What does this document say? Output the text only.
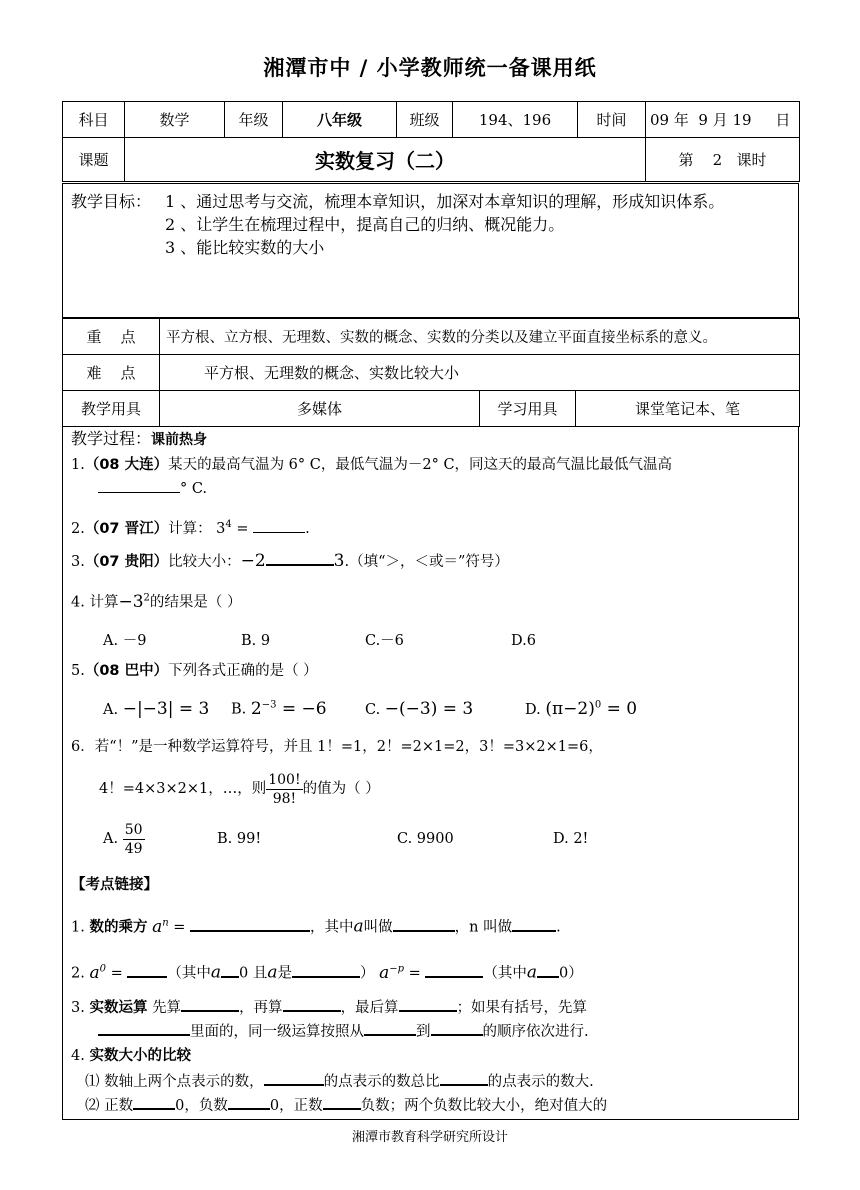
湘潭市中 / 小学教师统一备课用纸
科目	数学	年级	八年级	班级	194、196	时间	09 年  9 月 19     日
课题	实数复习（二）						第    2   课时
教学目标： 1 、通过思考与交流，梳理本章知识，加深对本章知识的理解，形成知识体系。
2 、让学生在梳理过程中，提高自己的归纳、概况能力。
3 、能比较实数的大小
重    点	平方根、立方根、无理数、实数的概念、实数的分类以及建立平面直接坐标系的意义。		
难    点	平方根、无理数的概念、实数比较大小		
教学用具	多媒体	学习用具	课堂笔记本、笔
教学过程：课前热身
1.（08 大连）某天的最高气温为 6° C，最低气温为－2° C，同这天的最高气温比最低气温高
° C.
2.（07 晋江）计算： $3^4$ =	.
3.（07 贵阳）比较大小：−2	3.（填“＞，＜或＝”符号）
4. 计算$-3^2$的结果是（ ）
A. －9	B. 9	C.－6	D.6
5.（08 巴中）下列各式正确的是（ ）
A. −|−3| = 3 B. $2^{-3} = -6$	C. −(−3) = 3	D. $(\pi-2)^0 = 0$
6．若“！”是一种数学运算符号，并且 1！=1，2！=2×1=2，3！=3×2×1=6，
4！=4×3×2×1，…，则 $\frac{100!}{98!}$ 的值为（ ）
A. $\frac{50}{49}$	B. 99!	C. 9900	D. 2!
【考点链接】
1. 数的乘方 $a^n$ =	，其中a叫做	，n 叫做	.
2. $a^0$ =	（其中a 0 且a是	） $a^{-p}$ =	（其中a 0）
3. 实数运算 先算	，再算	，最后算	；如果有括号，先算
里面的，同一级运算按照从	到	的顺序依次进行.
4. 实数大小的比较
⑴ 数轴上两个点表示的数，	的点表示的数总比	的点表示的数大.
⑵ 正数	0，负数	0，正数	负数；两个负数比较大小，绝对值大的
湘潭市教育科学研究所设计
